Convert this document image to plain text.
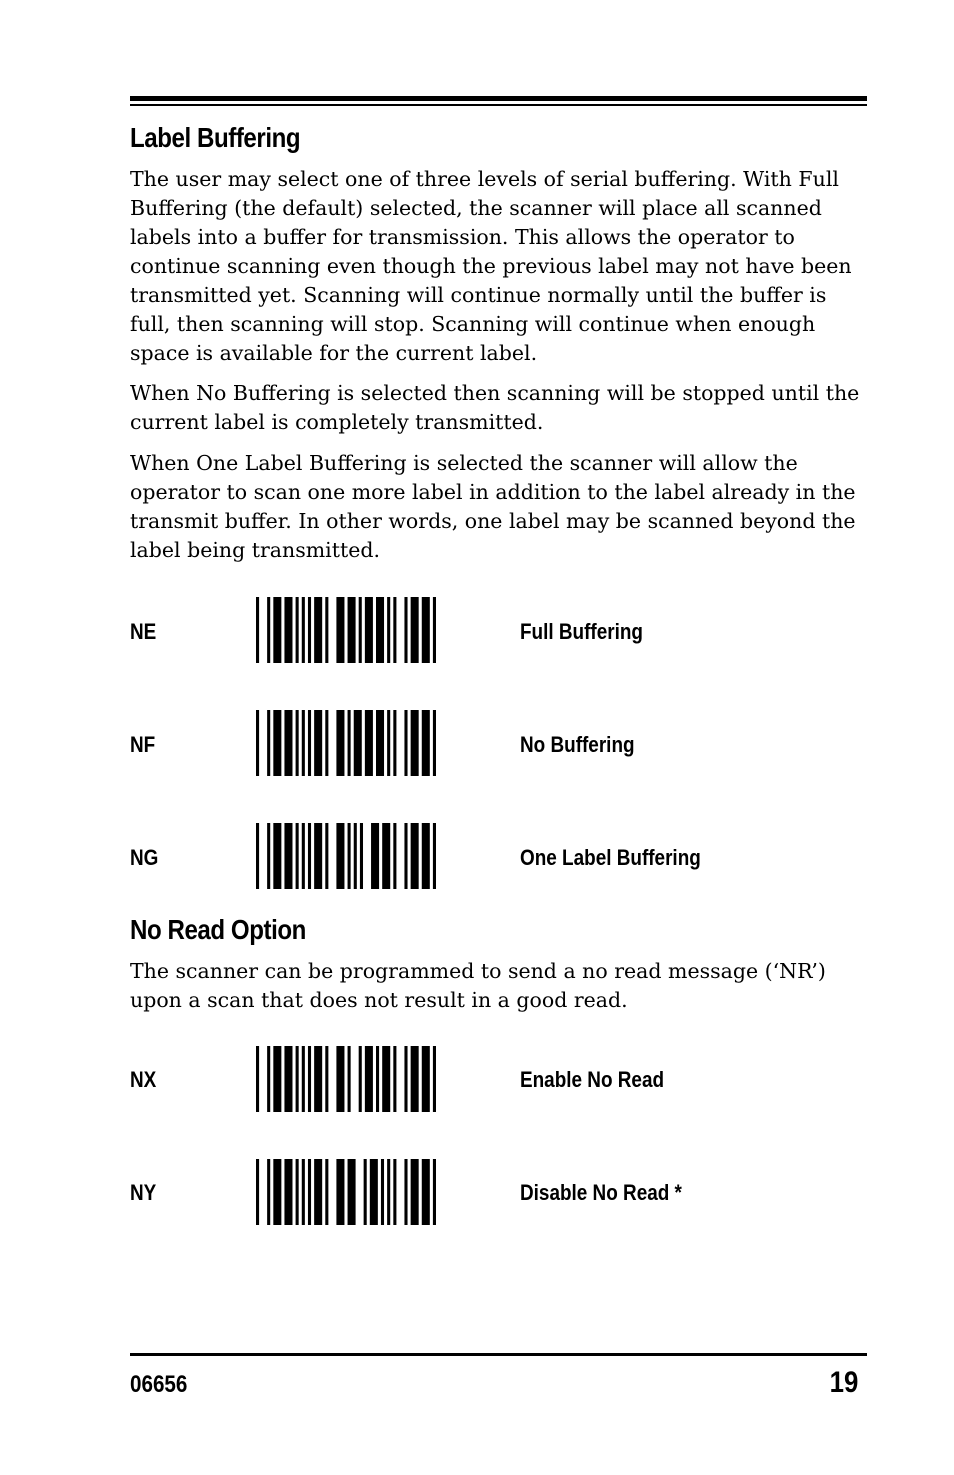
Label Buffering

The user may select one of three levels of serial buffering. With Full Buffering (the default) selected, the scanner will place all scanned labels into a buffer for transmission. This allows the operator to continue scanning even though the previous label may not have been transmitted yet. Scanning will continue normally until the buffer is full, then scanning will stop. Scanning will continue when enough space is available for the current label.

When No Buffering is selected then scanning will be stopped until the current label is completely transmitted.

When One Label Buffering is selected the scanner will allow the operator to scan one more label in addition to the label already in the transmit buffer. In other words, one label may be scanned beyond the label being transmitted.

NE	Full Buffering
NF	No Buffering
NG	One Label Buffering
No Read Option

The scanner can be programmed to send a no read message (‘NR’) upon a scan that does not result in a good read.

NX	Enable No Read
NY	Disable No Read *
06656	19
